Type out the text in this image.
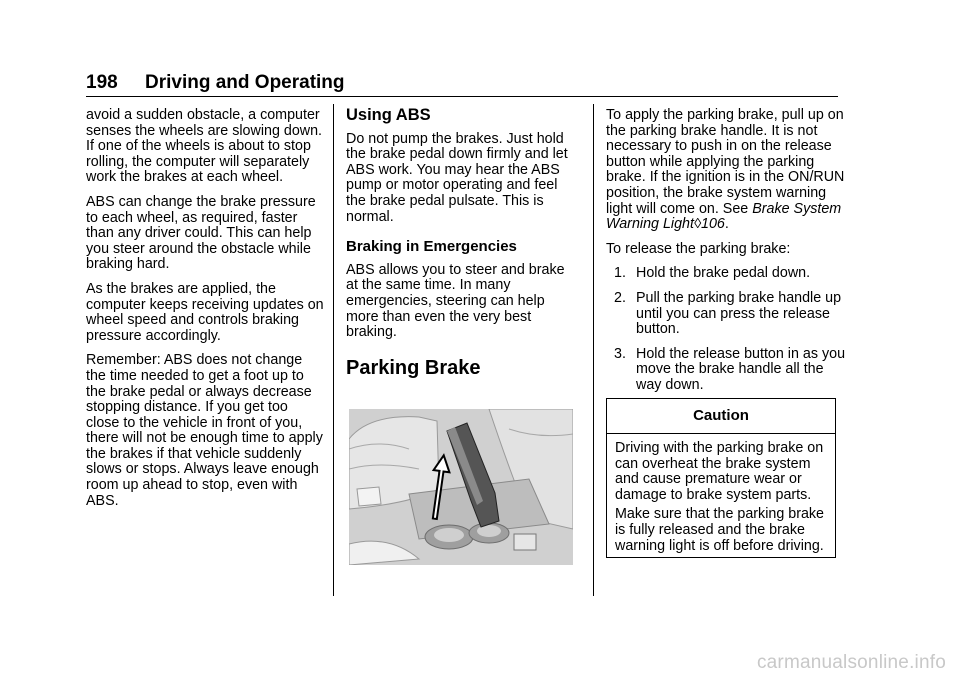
198 Driving and Operating

avoid a sudden obstacle, a computer senses the wheels are slowing down. If one of the wheels is about to stop rolling, the computer will separately work the brakes at each wheel.

ABS can change the brake pressure to each wheel, as required, faster than any driver could. This can help you steer around the obstacle while braking hard.

As the brakes are applied, the computer keeps receiving updates on wheel speed and controls braking pressure accordingly.

Remember: ABS does not change the time needed to get a foot up to the brake pedal or always decrease stopping distance. If you get too close to the vehicle in front of you, there will not be enough time to apply the brakes if that vehicle suddenly slows or stops. Always leave enough room up ahead to stop, even with ABS.

Using ABS

Do not pump the brakes. Just hold the brake pedal down firmly and let ABS work. You may hear the ABS pump or motor operating and feel the brake pedal pulsate. This is normal.

Braking in Emergencies

ABS allows you to steer and brake at the same time. In many emergencies, steering can help more than even the very best braking.

Parking Brake

To apply the parking brake, pull up on the parking brake handle. It is not necessary to push in on the release button while applying the parking brake. If the ignition is in the ON/RUN position, the brake system warning light will come on. See Brake System Warning Light◊106.

To release the parking brake:

1. Hold the brake pedal down.
2. Pull the parking brake handle up until you can press the release button.
3. Hold the release button in as you move the brake handle all the way down.
Caution

Driving with the parking brake on can overheat the brake system and cause premature wear or damage to brake system parts.

Make sure that the parking brake is fully released and the brake warning light is off before driving.

carmanualsonline.info
